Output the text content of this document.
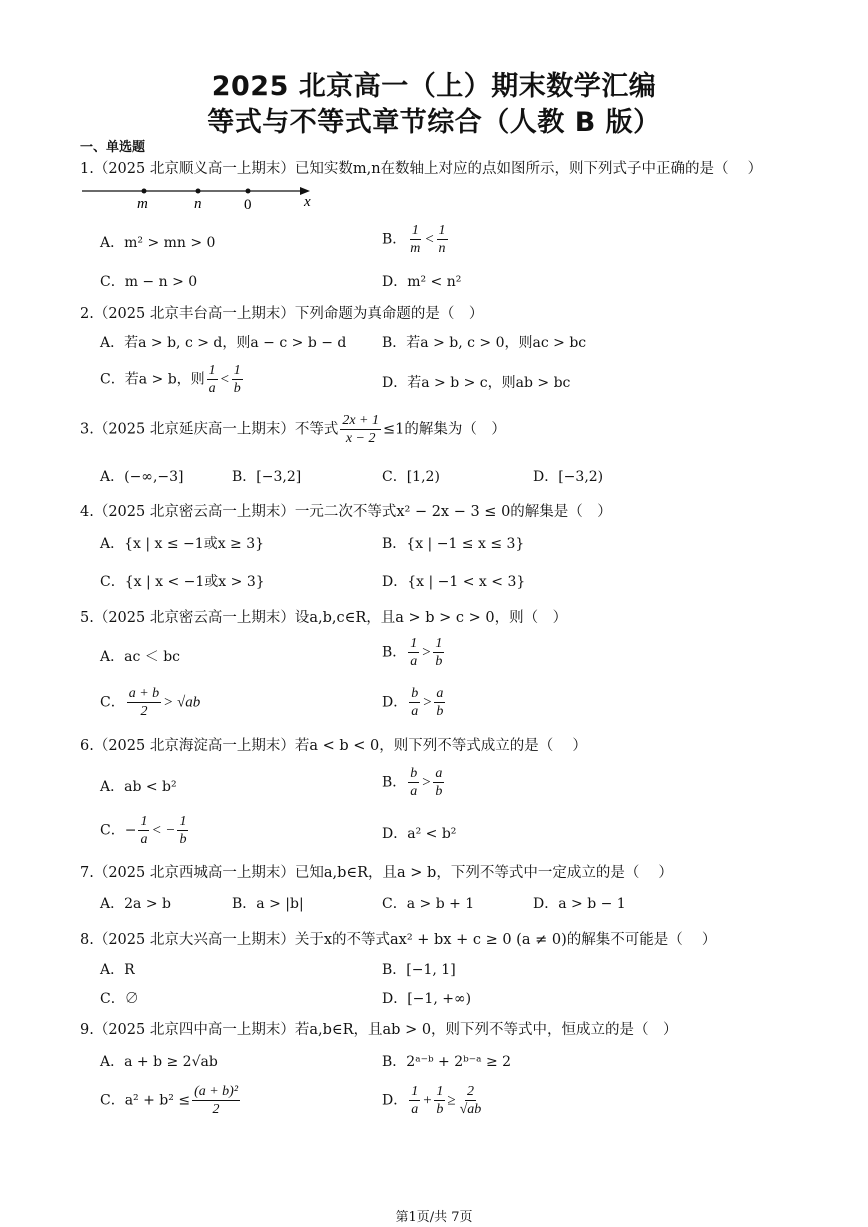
2025 北京高一（上）期末数学汇编
等式与不等式章节综合（人教 B 版）
一、单选题
1.（2025 北京顺义高一上期末）已知实数m,n在数轴上对应的点如图所示，则下列式子中正确的是（　 ）
m	n	0	x
A．m² > mn > 0	B． $\frac{1}{m} < \frac{1}{n}$
C．m − n > 0	D．m² < n²
2.（2025 北京丰台高一上期末）下列命题为真命题的是（　）
A．若a > b, c > d，则a − c > b − d	B．若a > b, c > 0，则ac > bc
C．若a > b，则 $\frac{1}{a} < \frac{1}{b}$	D．若a > b > c，则ab > bc
3.（2025 北京延庆高一上期末）不等式 $\frac{2x + 1}{x - 2} \le 1$的解集为（　）
A．(−∞,−3]	B．[−3,2]	C．[1,2)	D．[−3,2)
4.（2025 北京密云高一上期末）一元二次不等式x² − 2x − 3 ≤ 0的解集是（　）
A．{x | x ≤ −1或x ≥ 3}	B．{x | −1 ≤ x ≤ 3}
C．{x | x < −1或x > 3}	D．{x | −1 < x < 3}
5.（2025 北京密云高一上期末）设a,b,c∈R，且a > b > c > 0，则（　）
A．ac ＜ bc	B． $\frac{1}{a} > \frac{1}{b}$
C． $\frac{a + b}{2} > √ab$	D． $\frac{b}{a} > \frac{a}{b}$
6.（2025 北京海淀高一上期末）若a < b < 0，则下列不等式成立的是（　 ）
A．ab < b²	B． $\frac{b}{a} > \frac{a}{b}$
C．− $\frac{1}{a}$ < − $\frac{1}{b}$	D．a² < b²
7.（2025 北京西城高一上期末）已知a,b∈R，且a > b，下列不等式中一定成立的是（　 ）
A．2a > b	B．a > |b|	C．a > b + 1	D．a > b − 1
8.（2025 北京大兴高一上期末）关于x的不等式ax² + bx + c ≥ 0 (a ≠ 0)的解集不可能是（　 ）
A．R	B．[−1, 1]
C．∅	D．[−1, +∞)
9.（2025 北京四中高一上期末）若a,b∈R，且ab > 0，则下列不等式中，恒成立的是（　）
A．a + b ≥ 2√ab	B．2ᵃ⁻ᵇ + 2ᵇ⁻ᵃ ≥ 2
C．$a^2 + b^2 \le \frac{\text{(a + b)²}}{2}$	D． $\frac{1}{a} + \frac{1}{b} \ge \frac{2}{√ab}$
第1页/共 7页
